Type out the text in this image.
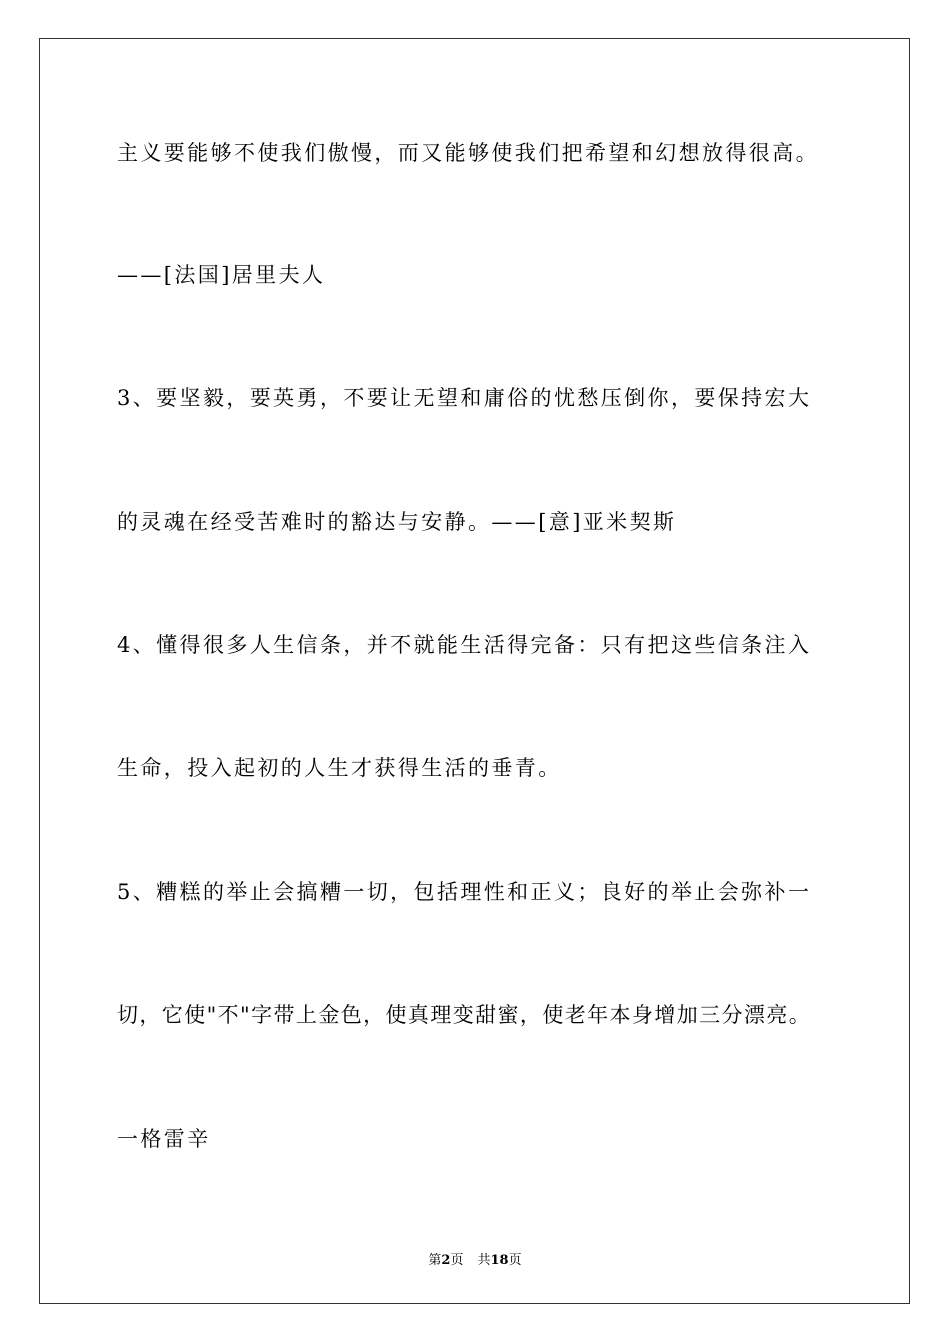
主义要能够不使我们傲慢，而又能够使我们把希望和幻想放得很高。
——[法国]居里夫人
3、要坚毅，要英勇，不要让无望和庸俗的忧愁压倒你，要保持宏大
的灵魂在经受苦难时的豁达与安静。——[意]亚米契斯
4、懂得很多人生信条，并不就能生活得完备：只有把这些信条注入
生命，投入起初的人生才获得生活的垂青。
5、糟糕的举止会搞糟一切，包括理性和正义；良好的举止会弥补一
切，它使"不"字带上金色，使真理变甜蜜，使老年本身增加三分漂亮。
一格雷辛
第2页 共18页
